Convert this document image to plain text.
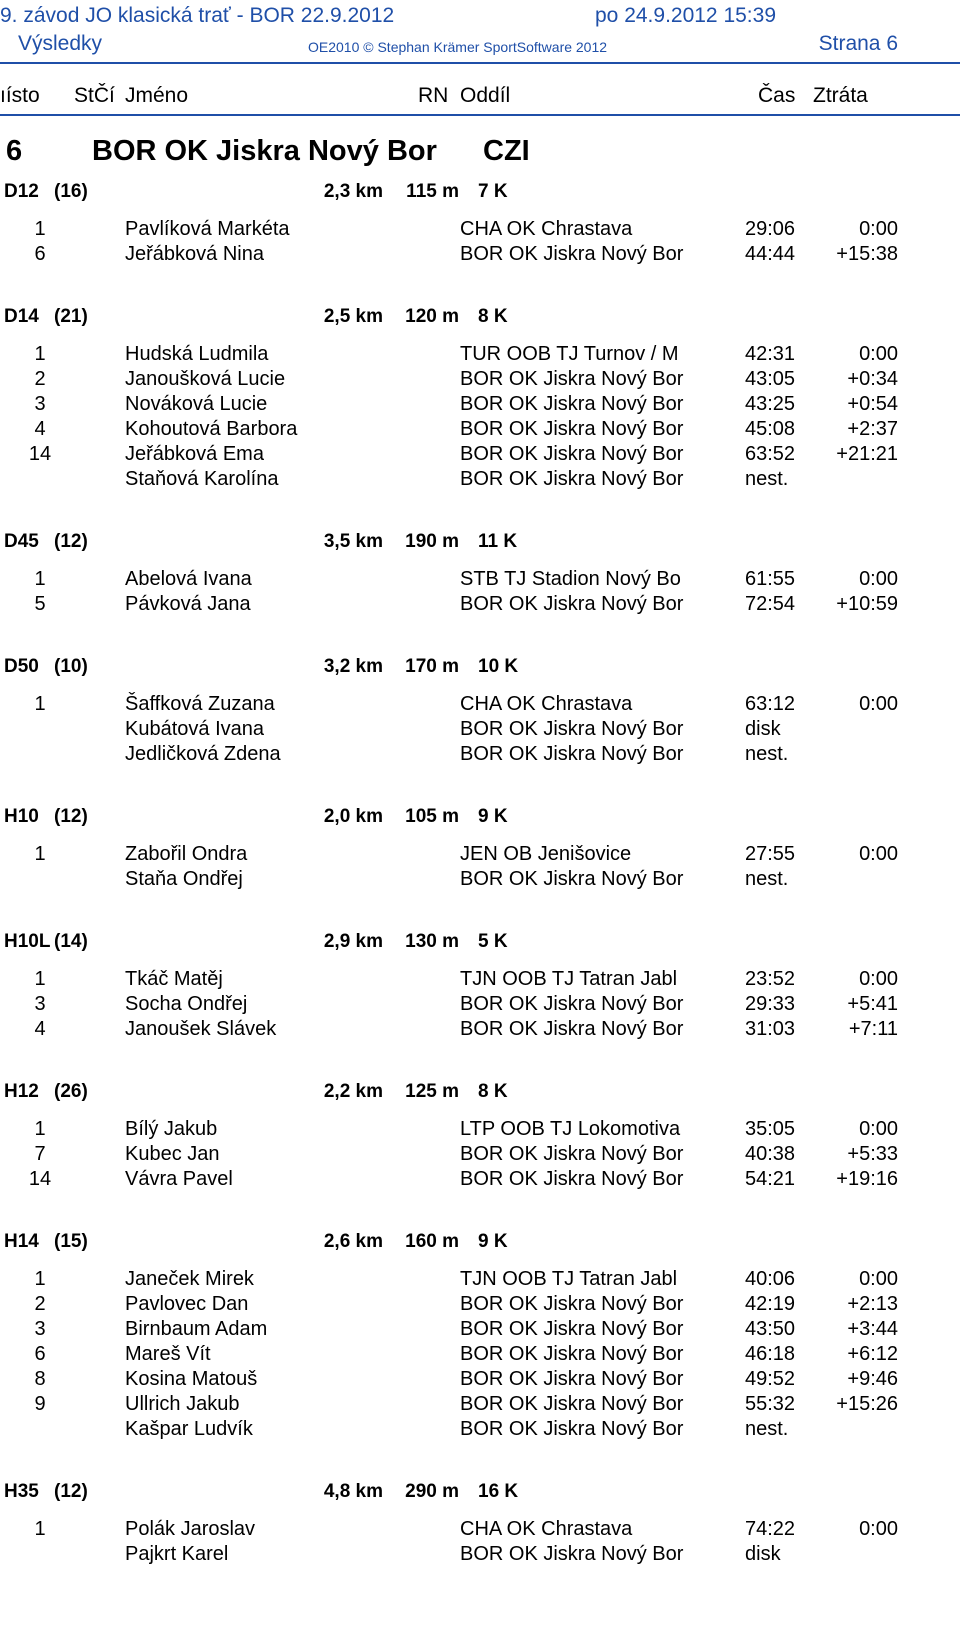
9. závod JO klasická trať - BOR 22.9.2012	po 24.9.2012 15:39
Výsledky	OE2010 © Stephan Krämer SportSoftware 2012	Strana 6
ıísto StČí Jméno	RN Oddíl	Čas Ztráta
6 BOR OK Jiskra Nový Bor CZI
D12 (16)	2,3 km	115 m 7 K
1	Pavlíková Markéta	CHA OK Chrastava	29:06	0:00
6	Jeřábková Nina	BOR OK Jiskra Nový Bor	44:44	+15:38
D14 (21)	2,5 km	120 m 8 K
1	Hudská Ludmila	TUR OOB TJ Turnov / M	42:31	0:00
2	Janoušková Lucie	BOR OK Jiskra Nový Bor	43:05	+0:34
3	Nováková Lucie	BOR OK Jiskra Nový Bor	43:25	+0:54
4	Kohoutová Barbora	BOR OK Jiskra Nový Bor	45:08	+2:37
14	Jeřábková Ema	BOR OK Jiskra Nový Bor	63:52	+21:21
Staňová Karolína	BOR OK Jiskra Nový Bor	nest.
D45 (12)	3,5 km	190 m 11 K
1	Abelová Ivana	STB TJ Stadion Nový Bo	61:55	0:00
5	Pávková Jana	BOR OK Jiskra Nový Bor	72:54	+10:59
D50 (10)	3,2 km	170 m 10 K
1	Šaffková Zuzana	CHA OK Chrastava	63:12	0:00
Kubátová Ivana	BOR OK Jiskra Nový Bor	disk
Jedličková Zdena	BOR OK Jiskra Nový Bor	nest.
H10 (12)	2,0 km	105 m 9 K
1	Zabořil Ondra	JEN OB Jenišovice	27:55	0:00
Staňa Ondřej	BOR OK Jiskra Nový Bor	nest.
H10L (14)	2,9 km	130 m 5 K
1	Tkáč Matěj	TJN OOB TJ Tatran Jabl	23:52	0:00
3	Socha Ondřej	BOR OK Jiskra Nový Bor	29:33	+5:41
4	Janoušek Slávek	BOR OK Jiskra Nový Bor	31:03	+7:11
H12 (26)	2,2 km	125 m 8 K
1	Bílý Jakub	LTP OOB TJ Lokomotiva	35:05	0:00
7	Kubec Jan	BOR OK Jiskra Nový Bor	40:38	+5:33
14	Vávra Pavel	BOR OK Jiskra Nový Bor	54:21	+19:16
H14 (15)	2,6 km	160 m 9 K
1	Janeček Mirek	TJN OOB TJ Tatran Jabl	40:06	0:00
2	Pavlovec Dan	BOR OK Jiskra Nový Bor	42:19	+2:13
3	Birnbaum Adam	BOR OK Jiskra Nový Bor	43:50	+3:44
6	Mareš Vít	BOR OK Jiskra Nový Bor	46:18	+6:12
8	Kosina Matouš	BOR OK Jiskra Nový Bor	49:52	+9:46
9	Ullrich Jakub	BOR OK Jiskra Nový Bor	55:32	+15:26
Kašpar Ludvík	BOR OK Jiskra Nový Bor	nest.
H35 (12)	4,8 km	290 m 16 K
1	Polák Jaroslav	CHA OK Chrastava	74:22	0:00
Pajkrt Karel	BOR OK Jiskra Nový Bor	disk
